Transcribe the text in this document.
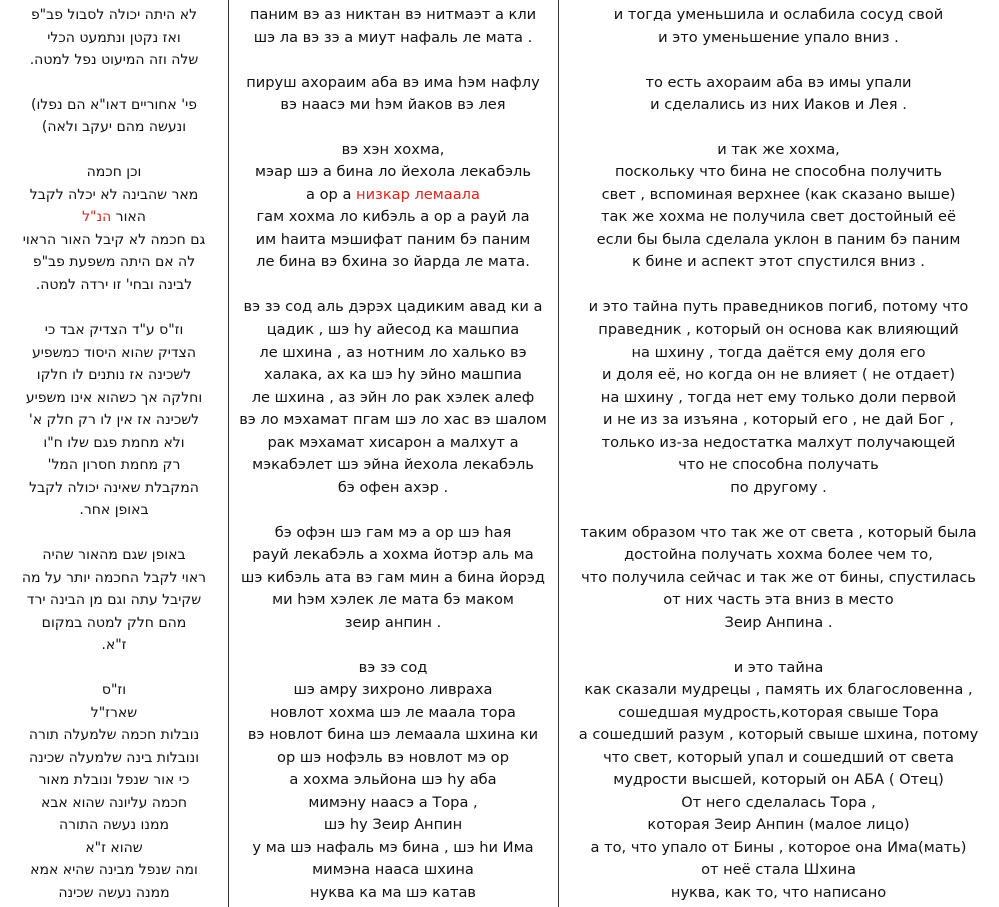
לא היתה יכולה לסבול פב"פ
ואז נקטן ונתמעט הכלי
שלה וזה המיעוט נפל למטה.
פי' אחוריים דאו"א הם נפלו)
ונעשה מהם יעקב ולאה)
וכן חכמה
מאר שהבינה לא יכלה לקבל
האור הנ"ל
גם חכמה לא קיבל האור הראוי
לה אם היתה משפעת פב"פ
לבינה ובחי' זו ירדה למטה.
וז"ס ע"ד הצדיק אבד כי
הצדיק שהוא היסוד כמשפיע
לשכינה אז נותנים לו חלקו
וחלקה אך כשהוא אינו משפיע
לשכינה אז אין לו רק חלק א'
ולא מחמת פגם שלו ח"ו
רק מחמת חסרון המל'
המקבלת שאינה יכולה לקבל
באופן אחר.
באופן שגם מהאור שהיה
ראוי לקבל החכמה יותר על מה
שקיבל עתה וגם מן הבינה ירד
מהם חלק למטה במקום
ז"א.
וז"ס
שארז"ל
נובלות חכמה שלמעלה תורה
ונובלות בינה שלמעלה שכינה
כי אור שנפל ונובלת מאור
חכמה עליונה שהוא אבא
ממנו נעשה התורה
שהוא ז"א
ומה שנפל מבינה שהיא אמא
ממנה נעשה שכינה
паним вэ аз никтан вэ нитмаэт а кли
шэ ла вэ зэ а миут нафаль ле мата .
пируш ахораим аба вэ има hэм нафлу
вэ наасэ ми hэм йаков вэ лея
вэ хэн хохма,
мэар шэ а бина ло йехола лекабэль
а ор а низкар лемаала
гам хохма ло кибэль а ор а рауй ла
им hаита мэшифат паним бэ паним
ле бина вэ бхина зо йарда ле мата.
вэ зэ сод аль дэрэх цадиким авад ки а
цадик , шэ hу айесод ка машпиа
ле шхина , аз нотним ло халько вэ
халака, ах ка шэ hу эйно машпиа
ле шхина , аз эйн ло рак хэлек алеф
вэ ло мэхамат пгам шэ ло хас вэ шалом
рак мэхамат хисарон а малхут а
мэкабэлет шэ эйна йехола лекабэль
бэ офен ахэр .
бэ офэн шэ гам мэ а ор шэ hая
рауй лекабэль а хохма йотэр аль ма
шэ кибэль ата вэ гам мин а бина йорэд
ми hэм хэлек ле мата бэ маком
зеир анпин .
вэ зэ сод
шэ амру зихроно ливраха
новлот хохма шэ ле маала тора
вэ новлот бина шэ лемаала шхина ки
ор шэ нофэль вэ новлот мэ ор
а хохма эльйона шэ hу аба
мимэну наасэ а Тора ,
шэ hу Зеир Анпин
у ма шэ нафаль мэ бина , шэ hи Има
мимэна нааса шхина
нуква ка ма шэ катав
и тогда уменьшила и ослабила сосуд свой
и это уменьшение упало вниз .
то есть ахораим аба вэ имы упали
и сделались из них Иаков и Лея .
и так же хохма,
поскольку что бина не способна получить
свет , вспоминая верхнее (как сказано выше)
так же хохма не получила свет достойный её
если бы была сделала уклон в паним бэ паним
к бине и аспект этот спустился вниз .
и это тайна путь праведников погиб, потому что
праведник , который он основа как влияющий
на шхину , тогда даётся ему доля его
и доля её, но когда он не влияет ( не отдает)
на шхину , тогда нет ему только доли первой
и не из за изъяна , который его , не дай Бог ,
только из-за недостатка малхут получающей
что не способна получать
по другому .
таким образом что так же от света , который была
достойна получать хохма более чем то,
что получила сейчас и так же от бины, спустилась
от них часть эта вниз в место
Зеир Анпина .
и это тайна
как сказали мудрецы , память их благословенна ,
сошедшая мудрость,которая свыше Тора
а сошедший разум , который свыше шхина, потому
что свет, который упал и сошедший от света
мудрости высшей, который он АБА ( Отец)
От него сделалась Тора ,
которая Зеир Анпин (малое лицо)
а то, что упало от Бины , которое она Има(мать)
от неё стала Шхина
нуква, как то, что написано
